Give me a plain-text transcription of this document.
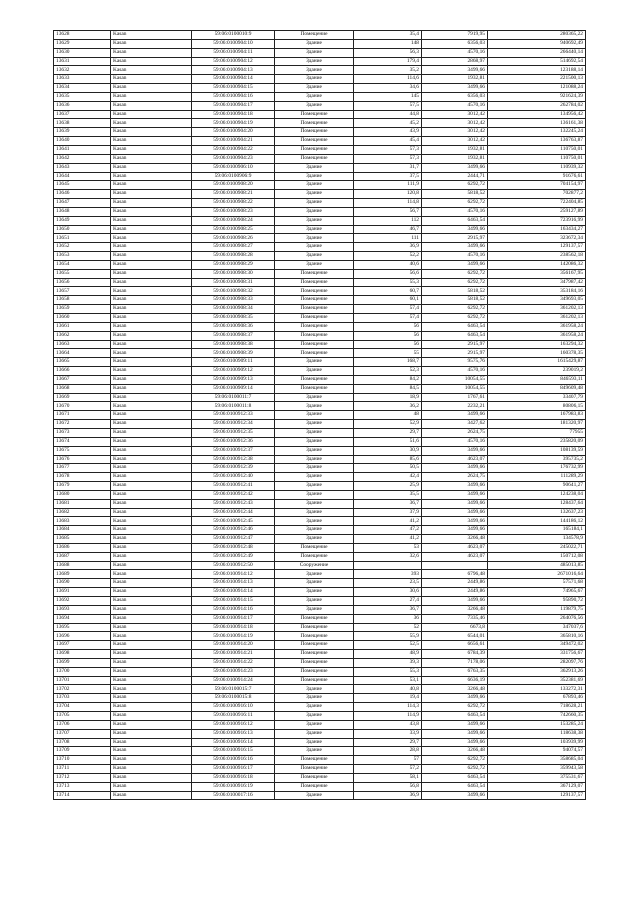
13628	Kasan	59:06:0100010:9	Помещение	35,4	7919,95	280365,22
13629	Kasan	59:06:0100904:10	Здание	148	6356,03	940692,49
13630	Kasan	59:06:0100904:11	Здание	56,3	4570,16	266440,14
13631	Kasan	59:06:0100904:12	Здание	179,4	2868,97	514692,54
13632	Kasan	59:06:0100904:13	Здание	35,2	3499,66	123188,14
13633	Kasan	59:06:0100904:14	Здание	114,6	1932,81	221500,13
13634	Kasan	59:06:0100904:15	Здание	34,6	3499,66	121088,24
13635	Kasan	59:06:0100904:16	Здание	145	6356,03	921624,39
13636	Kasan	59:06:0100904:17	Здание	57,5	4570,16	262784,02
13637	Kasan	59:06:0100904:18	Помещение	44,8	3012,42	134956,42
13638	Kasan	59:06:0100904:19	Помещение	45,2	3012,42	136161,38
13639	Kasan	59:06:0100904:20	Помещение	43,9	3012,42	132245,24
13640	Kasan	59:06:0100904:21	Помещение	45,4	3012,42	136763,87
13641	Kasan	59:06:0100904:22	Помещение	57,3	1932,81	110750,01
13642	Kasan	59:06:0100904:23	Помещение	57,3	1932,81	110750,01
13643	Kasan	59:06:0100906:10	Здание	31,7	3499,66	110939,32
13644	Kasan	59:06:0100906:9	Здание	37,5	2444,71	91676,61
13645	Kasan	59:06:0100908:20	Здание	111,9	6292,72	704154,97
13646	Kasan	59:06:0100908:21	Здание	120,8	5818,52	702877,2
13647	Kasan	59:06:0100908:22	Здание	114,8	6292,72	722404,85
13648	Kasan	59:06:0100908:23	Здание	56,7	4570,16	259127,89
13649	Kasan	59:06:0100908:24	Здание	112	6463,54	723916,99
13650	Kasan	59:06:0100908:25	Здание	46,7	3499,66	163434,27
13651	Kasan	59:06:0100908:26	Здание	111	2915,97	323672,34
13652	Kasan	59:06:0100908:27	Здание	36,9	3499,66	129137,57
13653	Kasan	59:06:0100908:28	Здание	52,2	4570,16	238562,18
13654	Kasan	59:06:0100908:29	Здание	40,6	3499,66	142086,32
13655	Kasan	59:06:0100908:30	Помещение	56,6	6292,72	356167,95
13656	Kasan	59:06:0100908:31	Помещение	55,3	6292,72	347987,42
13657	Kasan	59:06:0100908:32	Помещение	60,7	5818,52	353184,16
13658	Kasan	59:06:0100908:33	Помещение	60,1	5818,52	349693,05
13659	Kasan	59:06:0100908:34	Помещение	57,4	6292,72	361202,13
13660	Kasan	59:06:0100908:35	Помещение	57,4	6292,72	361202,13
13661	Kasan	59:06:0100908:36	Помещение	56	6463,54	361958,24
13662	Kasan	59:06:0100908:37	Помещение	56	6463,54	361958,24
13663	Kasan	59:06:0100908:38	Помещение	56	2915,97	163294,32
13664	Kasan	59:06:0100908:39	Помещение	55	2915,97	160378,35
13665	Kasan	59:06:0100909:11	Здание	168,7	9575,76	1615429,87
13666	Kasan	59:06:0100909:12	Здание	52,3	4570,16	239019,2
13667	Kasan	59:06:0100909:13	Помещение	84,2	10054,55	846593,11
13668	Kasan	59:06:0100909:14	Помещение	84,5	10054,55	849609,48
13669	Kasan	59:06:0100011:7	Здание	18,9	1767,61	33407,79
13670	Kasan	59:06:0100011:8	Здание	36,2	2232,21	80806,15
13671	Kasan	59:06:0100912:33	Здание	48	3499,66	167983,83
13672	Kasan	59:06:0100912:34	Здание	52,9	3427,62	181320,97
13673	Kasan	59:06:0100912:35	Здание	29,7	2624,75	77955
13674	Kasan	59:06:0100912:36	Здание	51,6	4570,16	235820,09
13675	Kasan	59:06:0100912:37	Здание	30,9	3499,66	108139,59
13676	Kasan	59:06:0100912:38	Здание	85,6	4623,07	395735,2
13677	Kasan	59:06:0100912:39	Здание	50,5	3499,66	176732,99
13678	Kasan	59:06:0100912:40	Здание	42,4	2624,75	111289,29
13679	Kasan	59:06:0100912:41	Здание	25,9	3499,66	90641,27
13680	Kasan	59:06:0100912:42	Здание	35,5	3499,66	124238,04
13681	Kasan	59:06:0100912:43	Здание	36,7	3499,66	128437,64
13682	Kasan	59:06:0100912:44	Здание	37,9	3499,66	132637,23
13683	Kasan	59:06:0100912:45	Здание	41,2	3499,66	144186,12
13684	Kasan	59:06:0100912:46	Здание	47,2	3499,66	165184,1
13685	Kasan	59:06:0100912:47	Здание	41,2	3266,48	134578,9
13686	Kasan	59:06:0100912:48	Помещение	53	4623,07	245022,71
13687	Kasan	59:06:0100912:49	Помещение	32,6	4623,07	150712,08
13688	Kasan	59:06:0100912:50	Сооружение			485013,85
13689	Kasan	59:06:0100914:12	Здание	393	6796,48	2671016,64
13690	Kasan	59:06:0100914:13	Здание	23,5	2449,86	57571,68
13691	Kasan	59:06:0100914:14	Здание	30,6	2449,86	74965,67
13692	Kasan	59:06:0100914:15	Здание	27,4	3499,66	95890,72
13693	Kasan	59:06:0100914:16	Здание	36,7	3266,48	119879,75
13694	Kasan	59:06:0100914:17	Помещение	36	7335,46	264076,56
13695	Kasan	59:06:0100914:18	Помещение	52	6673,8	347037,6
13696	Kasan	59:06:0100914:19	Помещение	55,9	6544,01	365810,16
13697	Kasan	59:06:0100914:20	Помещение	52,5	6656,61	349472,02
13698	Kasan	59:06:0100914:21	Помещение	48,9	6784,39	331756,67
13699	Kasan	59:06:0100914:22	Помещение	39,3	7178,06	282097,76
13700	Kasan	59:06:0100914:23	Помещение	55,3	6763,35	362913,26
13701	Kasan	59:06:0100914:24	Помещение	53,1	6636,19	352381,69
13702	Kasan	59:06:0100015:7	Здание	40,8	3266,48	133272,31
13703	Kasan	59:06:0100015:8	Здание	19,4	3499,66	67893,46
13704	Kasan	59:06:0100916:10	Здание	114,3	6292,72	718628,21
13705	Kasan	59:06:0100916:11	Здание	114,9	6463,54	742660,35
13706	Kasan	59:06:0100916:12	Здание	43,8	3499,66	153285,24
13707	Kasan	59:06:0100916:13	Здание	33,9	3499,66	118638,38
13708	Kasan	59:06:0100916:14	Здание	29,7	3499,66	103939,99
13709	Kasan	59:06:0100916:15	Здание	28,8	3266,48	94074,57
13710	Kasan	59:06:0100916:16	Помещение	57	6292,72	358685,04
13711	Kasan	59:06:0100916:17	Помещение	57,2	6292,72	359943,58
13712	Kasan	59:06:0100916:18	Помещение	58,1	6463,54	375531,67
13713	Kasan	59:06:0100916:19	Помещение	56,8	6463,54	367129,07
13714	Kasan	59:06:0100017:16	Здание	36,9	3499,66	129137,57
